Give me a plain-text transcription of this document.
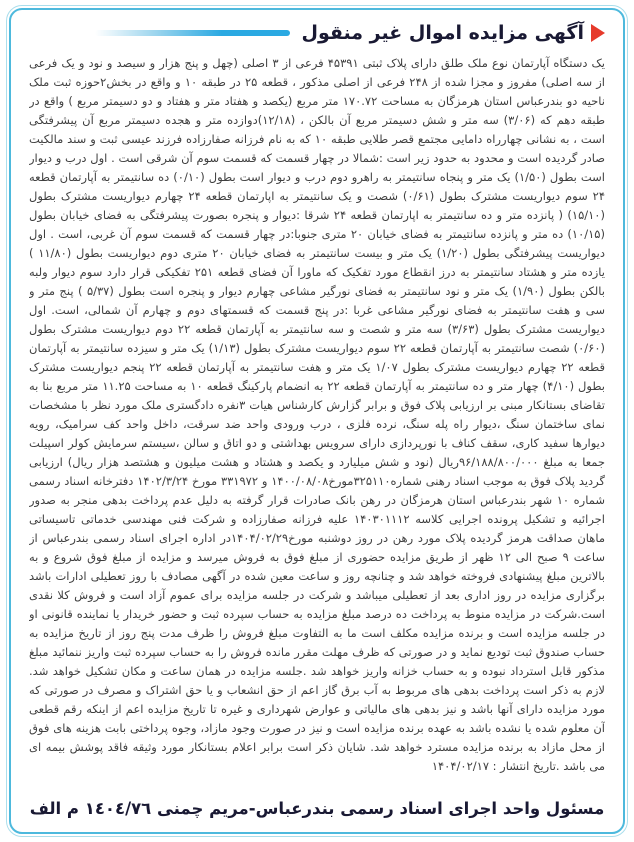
آگهی مزایده اموال غیر منقول

یک دستگاه آپارتمان نوع ملک طلق دارای پلاک ثبتی ۴۵۳۹۱ فرعی از ۳ اصلی (چهل و پنج هزار و سیصد و نود و یک فرعی از سه اصلی) مفروز و مجزا شده از ۲۴۸ فرعی از اصلی مذکور ، قطعه ۲۵ در طبقه ۱۰ و واقع در بخش۲حوزه ثبت ملک ناحیه دو بندرعباس استان هرمزگان به مساحت ۱۷۰.۷۲ متر مربع (یکصد و هفتاد متر و هفتاد و دو دسیمتر مربع ) واقع در طبقه دهم که (۳/۰۶) سه متر و شش دسیمتر مربع آن بالکن ، (۱۲/۱۸)دوازده متر و هجده دسیمتر مربع آن پیشرفتگی است ، به نشانی چهارراه دامایی مجتمع قصر طلایی طبقه ۱۰ که به نام فرزانه صفارزاده فرزند عیسی ثبت و سند مالکیت صادر گردیده است و محدود به حدود زیر است :شمالا در چهار قسمت که قسمت سوم آن شرقی است . اول درب و دیوار است بطول (۱/۵۰) یک متر و پنجاه سانتیمتر به راهرو دوم درب و دیوار است بطول (۰/۱۰) ده سانتیمتر به آپارتمان قطعه ۲۴ سوم دیواریست مشترک بطول (۰/۶۱) شصت و یک سانتیمتر به اپارتمان قطعه ۲۴ چهارم دیواریست مشترک بطول (۱۵/۱۰) ( پانزده متر و ده سانتیمتر به اپارتمان قطعه ۲۴ شرقا :دیوار و پنجره بصورت پیشرفتگی به فضای خیابان بطول (۱۰/۱۵) ده متر و پانزده سانتیمتر به فضای خیابان ۲۰ متری جنوبا:در چهار قسمت که قسمت سوم آن غربی، است . اول دیواریست پیشرفتگی بطول (۱/۲۰) یک متر و بیست سانتیمتر به فضای خیابان ۲۰ متری دوم دیواریست بطول (۱۱/۸۰ ) یازده متر و هشتاد سانتیمتر به درز انقطاع مورد تفکیک که ماورا آن فضای قطعه ۲۵۱ تفکیکی قرار دارد سوم دیوار ولبه بالکن بطول (۱/۹۰) یک متر و نود سانتیمتر به فضای نورگیر مشاعی چهارم دیوار و پنجره است بطول (۵/۳۷ ) پنج متر و سی و هفت سانتیمتر به فضای نورگیر مشاعی غربا :در پنج قسمت که قسمتهای دوم و چهارم آن شمالی، است. اول دیواریست مشترک بطول (۳/۶۳) سه متر و شصت و سه سانتیمتر به آپارتمان قطعه ۲۲ دوم دیواریست مشترک بطول (۰/۶۰) شصت سانتیمتر به آپارتمان قطعه ۲۲ سوم دیواریست مشترک بطول (۱/۱۳) یک متر و سیزده سانتیمتر به آپارتمان قطعه ۲۲ چهارم دیواریست مشترک بطول ۱/۰۷ یک متر و هفت سانتیمتر به آپارتمان قطعه ۲۲ پنجم دیواریست مشترک بطول (۴/۱۰) چهار متر و ده سانتیمتر به آپارتمان قطعه ۲۲ به انضمام پارکینگ قطعه ۱۰ به مساحت ۱۱.۲۵ متر مربع بنا به تقاضای بستانکار مبنی بر ارزیابی پلاک فوق و برابر گزارش کارشناس هیات ۳نفره دادگستری ملک مورد نظر با مشخصات نمای ساختمان سنگ ،دیوار راه پله سنگ، نرده فلزی ، درب ورودی واحد ضد سرقت، داخل واحد کف سرامیک، رویه دیوارها سفید کاری، سقف کناف با نورپردازی دارای سرویس بهداشتی و دو اتاق و سالن ،سیستم سرمایش کولر اسپیلت جمعا به مبلغ ۹۶/۱۸۸/۸۰۰/۰۰۰ریال (نود و شش میلیارد و یکصد و هشتاد و هشت میلیون و هشتصد هزار ریال) ارزیابی گردید پلاک فوق به موجب اسناد رهنی شماره۳۲۵۱۱۰مورخ۱۴۰۰/۰۸/۰۸ و ۳۳۱۹۷۲ مورخ ۱۴۰۲/۳/۲۴ دفترخانه اسناد رسمی شماره ۱۰ شهر بندرعباس استان هرمزگان در رهن بانک صادرات قرار گرفته به دلیل عدم پرداخت بدهی منجر به صدور اجرائیه و تشکیل پرونده اجرایی کلاسه ۱۴۰۳۰۱۱۱۲ علیه فرزانه صفارزاده و شرکت فنی مهندسی خدماتی تاسیساتی ماهان صداقت هرمز گردیده پلاک مورد رهن در روز دوشنبه مورخ۱۴۰۴/۰۲/۲۹در اداره اجرای اسناد رسمی بندرعباس از ساعت ۹ صبح الی ۱۲ ظهر از طریق مزایده حضوری از مبلغ فوق به فروش میرسد و مزایده از مبلغ فوق شروع و به بالاترین مبلغ پیشنهادی فروخته خواهد شد و چنانچه روز و ساعت معین شده در آگهی مصادف با روز تعطیلی ادارات باشد برگزاری مزایده در روز اداری بعد از تعطیلی میباشد و شرکت در جلسه مزایده برای عموم آزاد است و فروش کلا نقدی است.شرکت در مزایده منوط به پرداخت ده درصد مبلغ مزایده به حساب سپرده ثبت و حضور خریدار یا نماینده قانونی او در جلسه مزایده است و برنده مزایده مکلف است ما به التفاوت مبلغ فروش را ظرف مدت پنج روز از تاریخ مزایده به حساب صندوق ثبت تودیع نماید و در صورتی که ظرف مهلت مقرر مانده فروش را به حساب سپرده ثبت واریز ننمائید مبلغ مذکور قابل استرداد نبوده و به حساب خزانه واریز خواهد شد .جلسه مزایده در همان ساعت و مکان تشکیل خواهد شد. لازم به ذکر است پرداخت بدهی های مربوط به آب برق گاز اعم از حق انشعاب و یا حق اشتراک و مصرف در صورتی که مورد مزایده دارای آنها باشد و نیز بدهی های مالیاتی و عوارض شهرداری و غیره تا تاریخ مزایده اعم از اینکه رقم قطعی آن معلوم شده یا نشده باشد به عهده برنده مزایده است و نیز در صورت وجود مازاد، وجوه پرداختی بابت هزینه های فوق از محل مازاد به برنده مزایده مسترد خواهد شد. شایان ذکر است برابر اعلام بستانکار مورد وثیقه فاقد پوشش بیمه ای می باشد .تاریخ انتشار : ۱۴۰۴/۰۲/۱۷

مسئول واحد اجرای اسناد رسمی بندرعباس-مریم چمنی ١٤٠٤/٧٦ م الف
